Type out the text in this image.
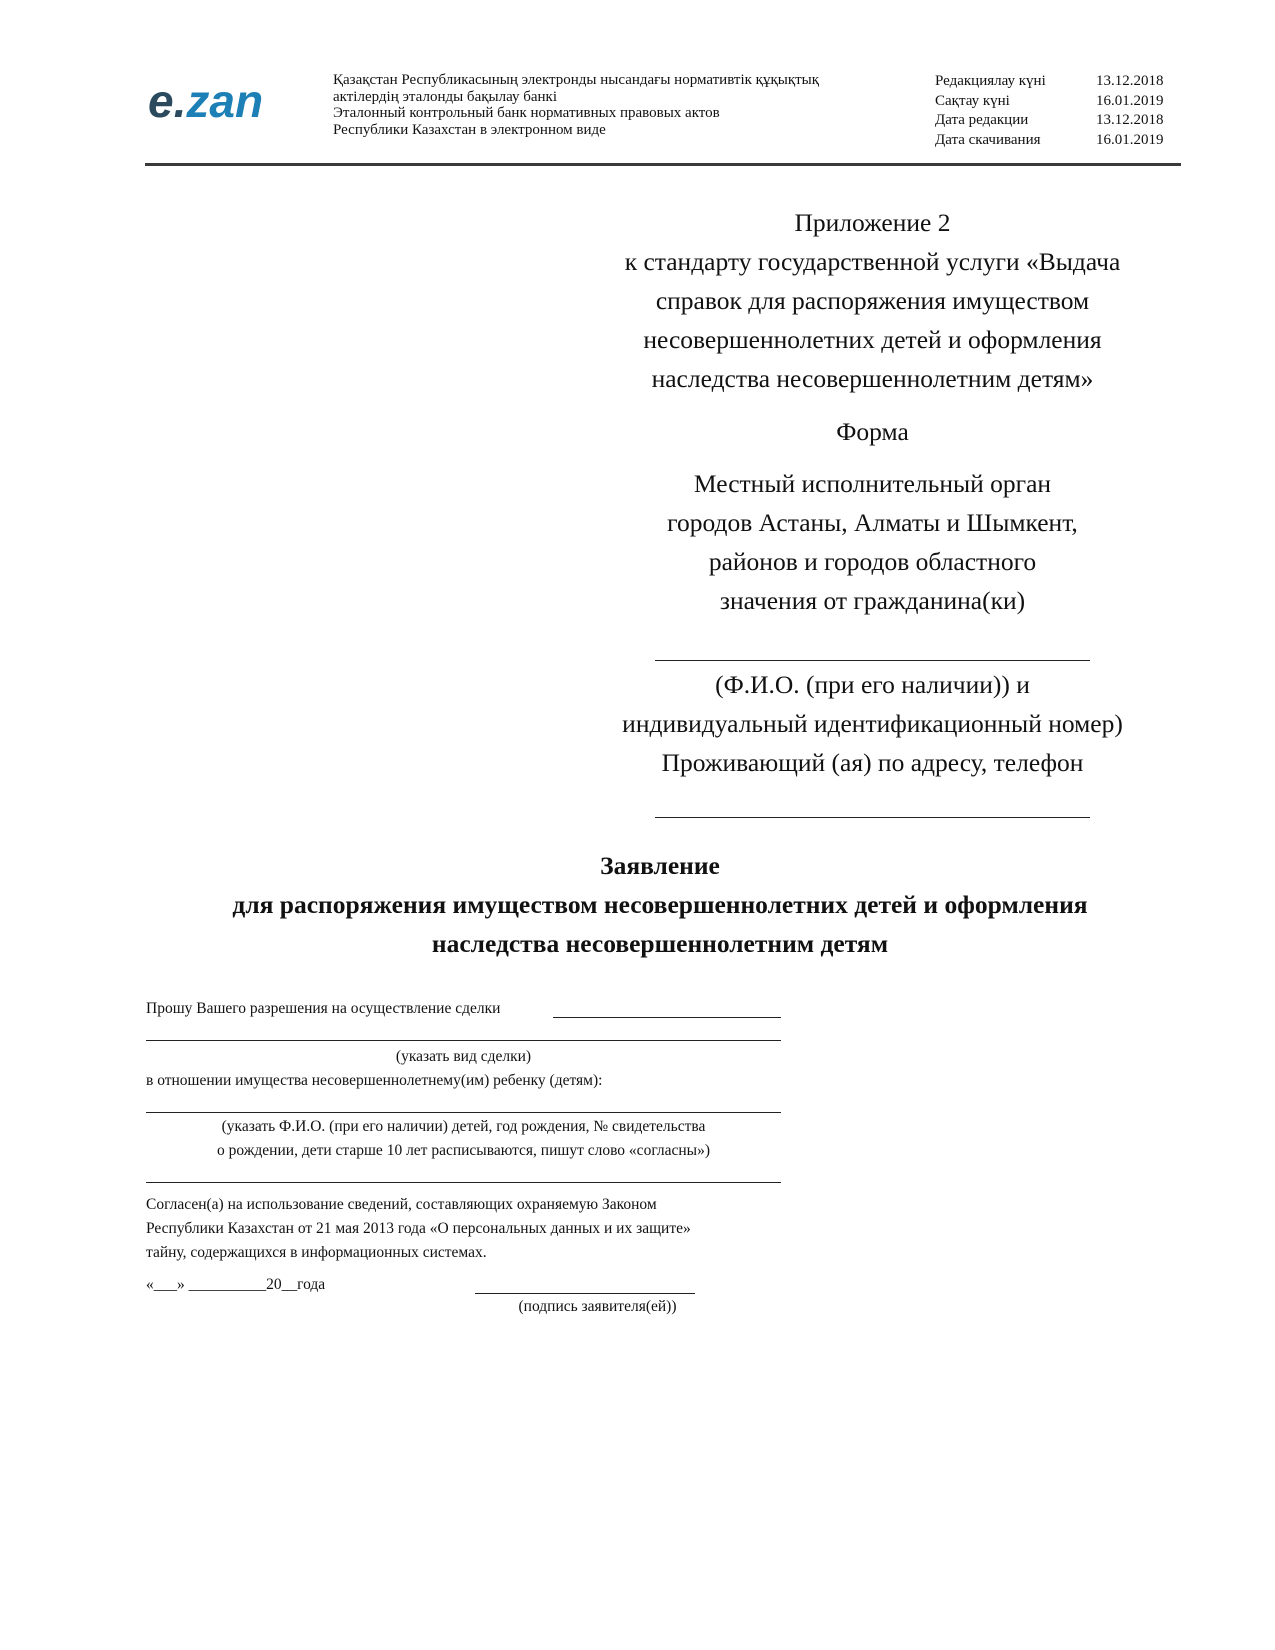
e.zan	Қазақстан Республикасының электронды нысандағы нормативтік құқықтық
актілердің эталонды бақылау банкі
Эталонный контрольный банк нормативных правовых актов
Республики Казахстан в электронном виде
Редакциялау күні	13.12.2018
Сақтау күні	16.01.2019
Дата редакции	13.12.2018
Дата скачивания	16.01.2019
Приложение 2
к стандарту государственной услуги «Выдача
справок для распоряжения имуществом
несовершеннолетних детей и оформления
наследства несовершеннолетним детям»
Форма
Местный исполнительный орган
городов Астаны, Алматы и Шымкент,
районов и городов областного
значения от гражданина(ки)
(Ф.И.О. (при его наличии)) и
индивидуальный идентификационный номер)
Проживающий (ая) по адресу, телефон
Заявление
для распоряжения имуществом несовершеннолетних детей и оформления
наследства несовершеннолетним детям
Прошу Вашего разрешения на осуществление сделки
(указать вид сделки)
в отношении имущества несовершеннолетнему(им) ребенку (детям):
(указать Ф.И.О. (при его наличии) детей, год рождения, № свидетельства
о рождении, дети старше 10 лет расписываются, пишут слово «согласны»)
Согласен(а) на использование сведений, составляющих охраняемую Законом
Республики Казахстан от 21 мая 2013 года «О персональных данных и их защите»
тайну, содержащихся в информационных системах.
«___» __________20__года
(подпись заявителя(ей))
